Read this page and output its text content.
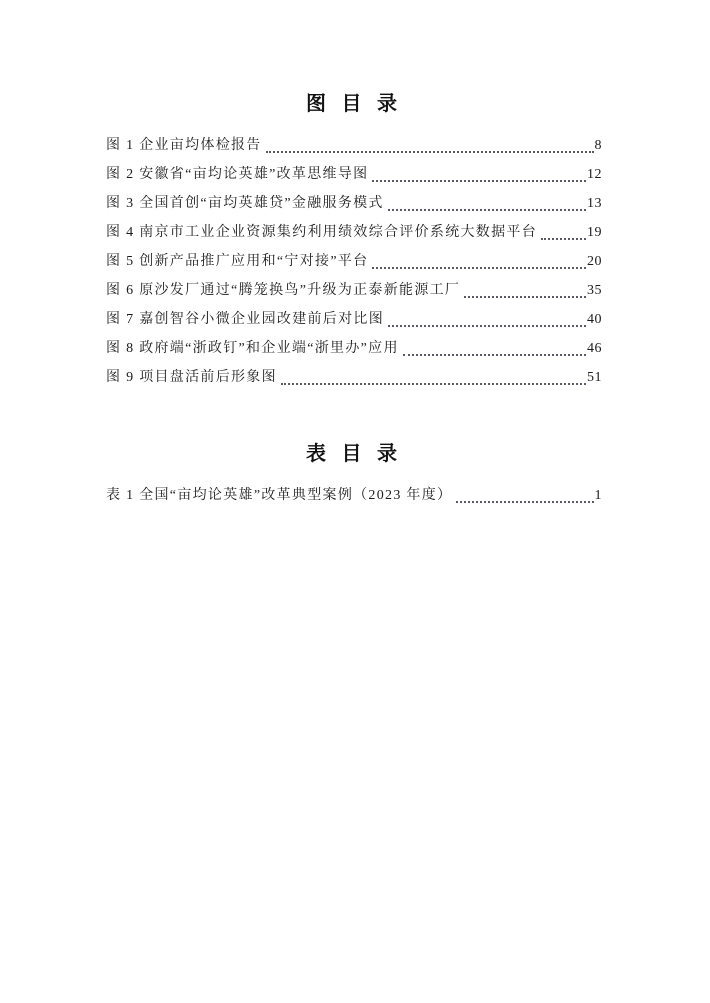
图 目 录
图 1 企业亩均体检报告	8
图 2 安徽省“亩均论英雄”改革思维导图	12
图 3 全国首创“亩均英雄贷”金融服务模式	13
图 4 南京市工业企业资源集约利用绩效综合评价系统大数据平台	19
图 5 创新产品推广应用和“宁对接”平台	20
图 6 原沙发厂通过“腾笼换鸟”升级为正泰新能源工厂	35
图 7 嘉创智谷小微企业园改建前后对比图	40
图 8 政府端“浙政钉”和企业端“浙里办”应用	46
图 9 项目盘活前后形象图	51
表 目 录
表 1 全国“亩均论英雄”改革典型案例（2023 年度）	1
